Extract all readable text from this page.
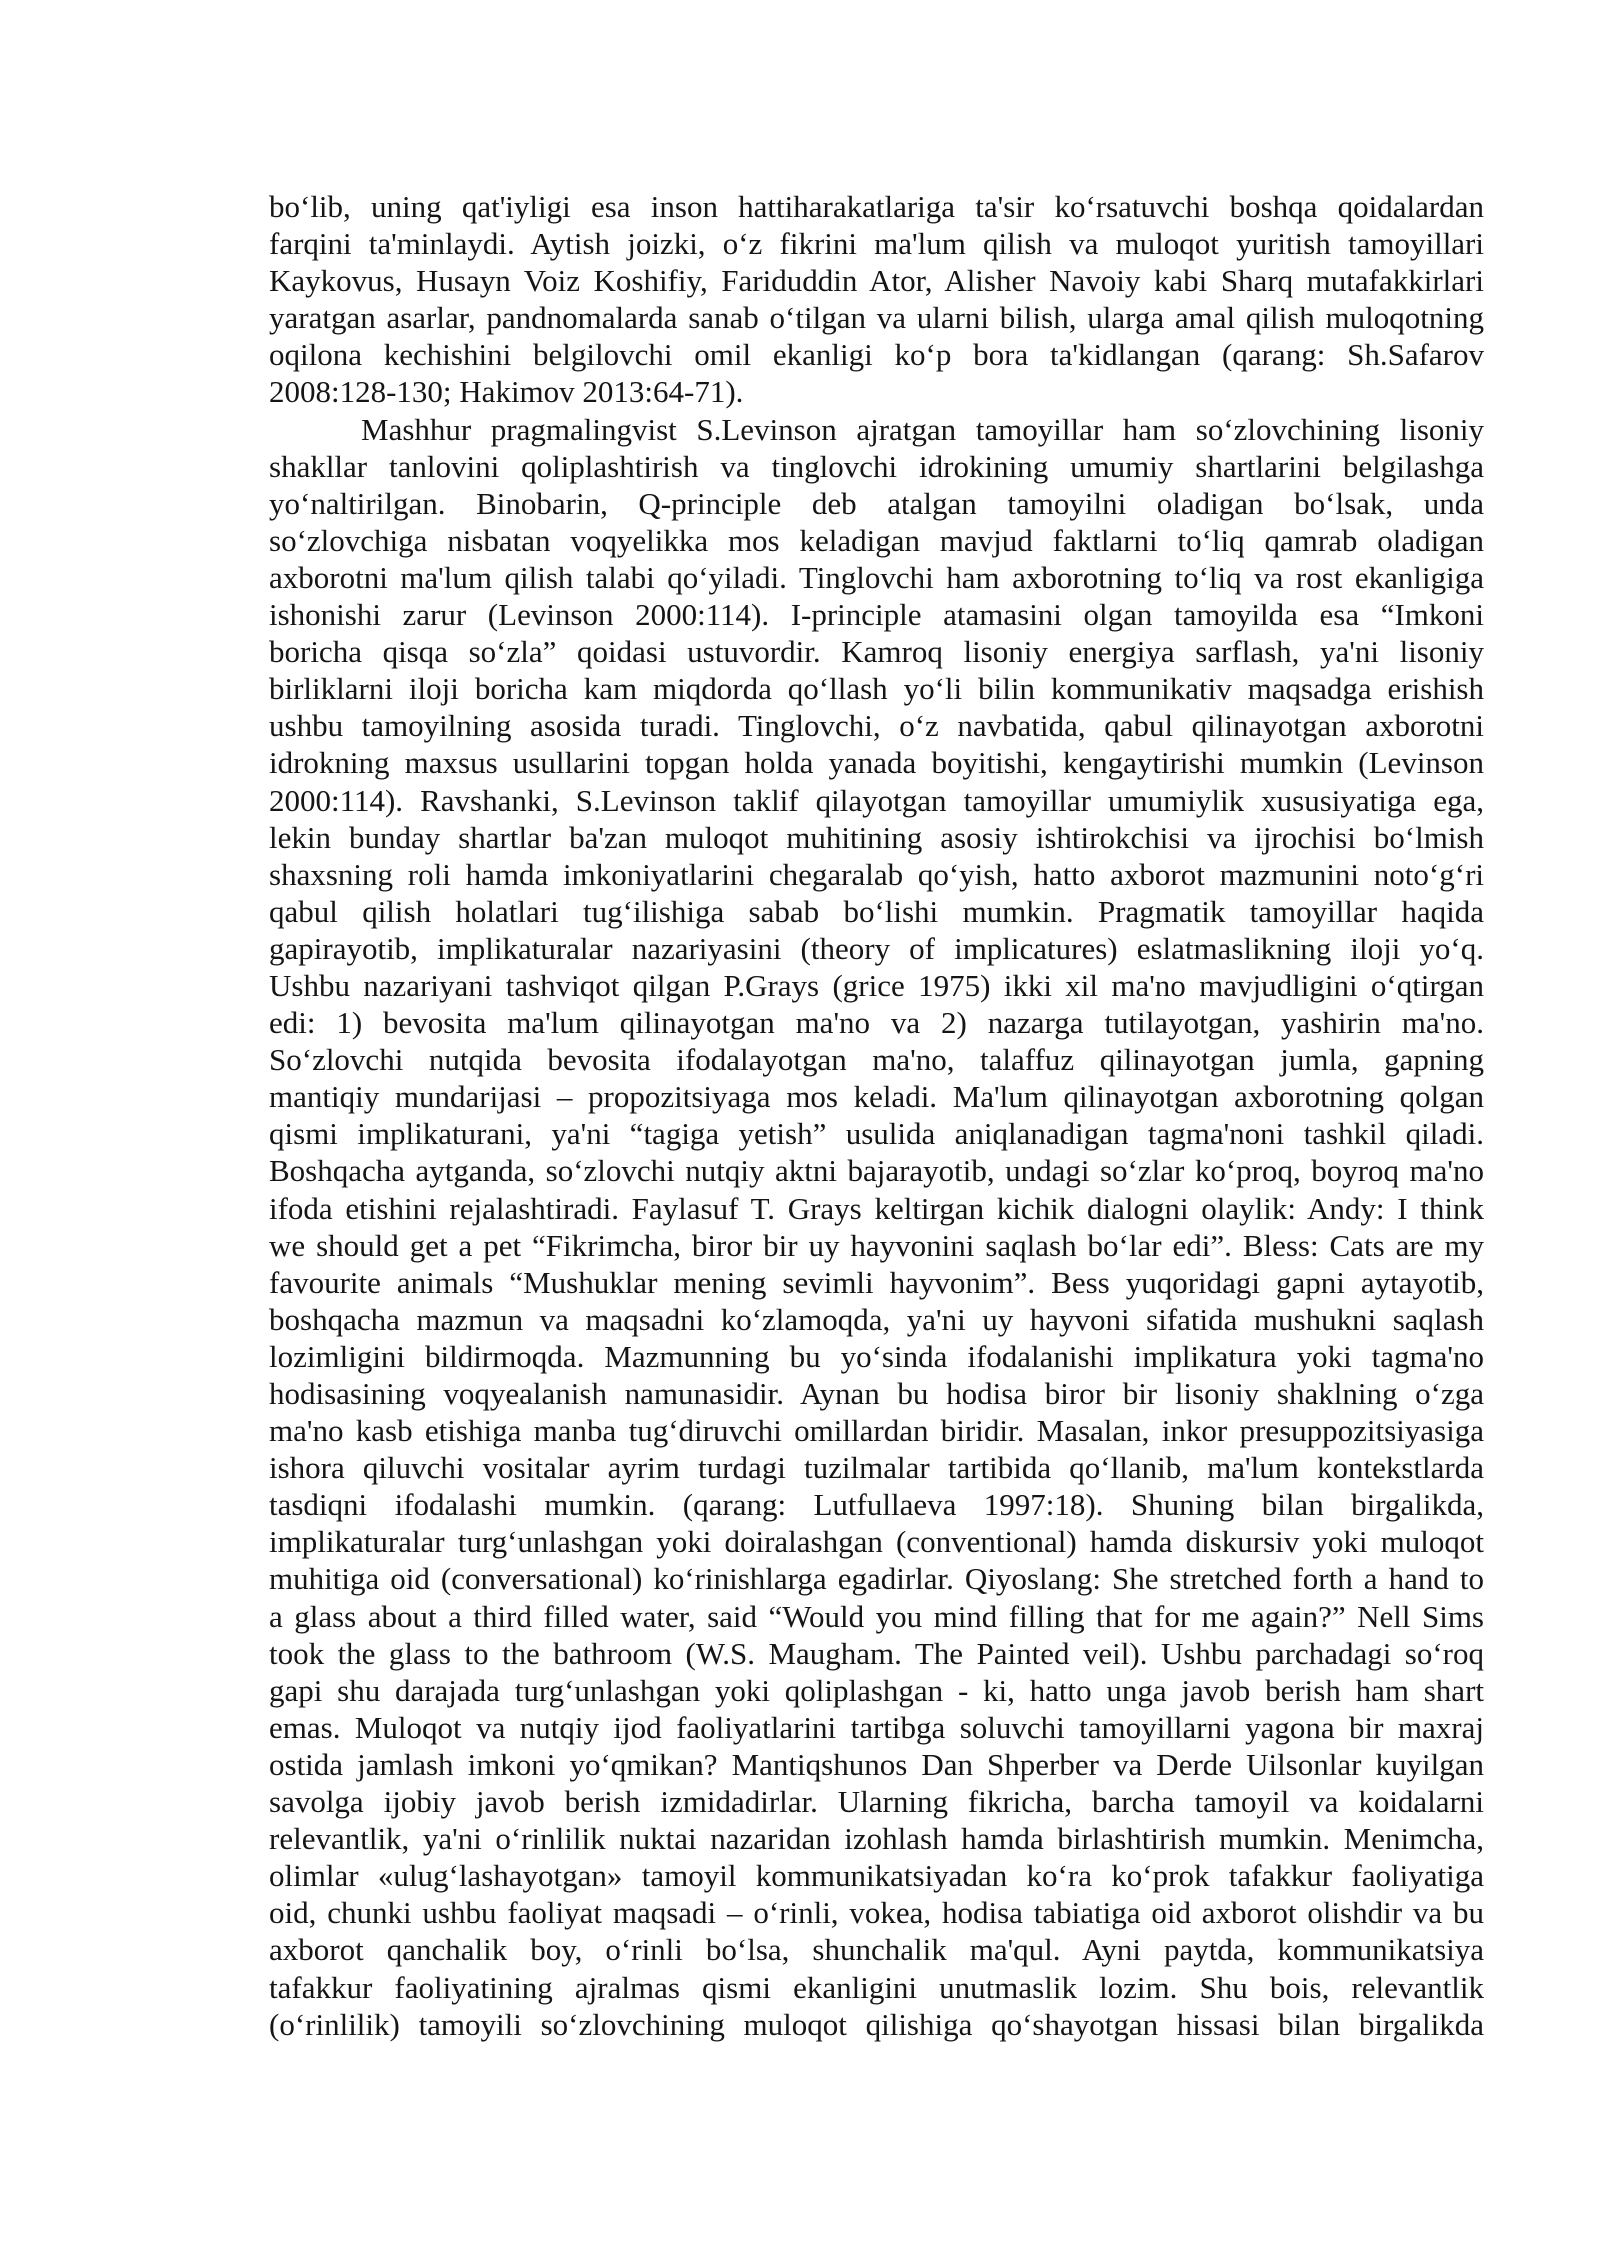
bo‘lib, uning qat'iyligi esa inson hattiharakatlariga ta'sir ko‘rsatuvchi boshqa qoidalardan
farqini ta'minlaydi. Aytish joizki, o‘z fikrini ma'lum qilish va muloqot yuritish tamoyillari
Kaykovus, Husayn Voiz Koshifiy, Fariduddin Ator, Alisher Navoiy kabi Sharq mutafakkirlari
yaratgan asarlar, pandnomalarda sanab o‘tilgan va ularni bilish, ularga amal qilish muloqotning
oqilona kechishini belgilovchi omil ekanligi ko‘p bora ta'kidlangan (qarang: Sh.Safarov
2008:128-130; Hakimov 2013:64-71).
Mashhur pragmalingvist S.Levinson ajratgan tamoyillar ham so‘zlovchining lisoniy
shakllar tanlovini qoliplashtirish va tinglovchi idrokining umumiy shartlarini belgilashga
yo‘naltirilgan. Binobarin, Q-principle deb atalgan tamoyilni oladigan bo‘lsak, unda
so‘zlovchiga nisbatan voqyelikka mos keladigan mavjud faktlarni to‘liq qamrab oladigan
axborotni ma'lum qilish talabi qo‘yiladi. Tinglovchi ham axborotning to‘liq va rost ekanligiga
ishonishi zarur (Levinson 2000:114). I-principle atamasini olgan tamoyilda esa “Imkoni
boricha qisqa so‘zla” qoidasi ustuvordir. Kamroq lisoniy energiya sarflash, ya'ni lisoniy
birliklarni iloji boricha kam miqdorda qo‘llash yo‘li bilin kommunikativ maqsadga erishish
ushbu tamoyilning asosida turadi. Tinglovchi, o‘z navbatida, qabul qilinayotgan axborotni
idrokning maxsus usullarini topgan holda yanada boyitishi, kengaytirishi mumkin (Levinson
2000:114). Ravshanki, S.Levinson taklif qilayotgan tamoyillar umumiylik xususiyatiga ega,
lekin bunday shartlar ba'zan muloqot muhitining asosiy ishtirokchisi va ijrochisi bo‘lmish
shaxsning roli hamda imkoniyatlarini chegaralab qo‘yish, hatto axborot mazmunini noto‘g‘ri
qabul qilish holatlari tug‘ilishiga sabab bo‘lishi mumkin. Pragmatik tamoyillar haqida
gapirayotib, implikaturalar nazariyasini (theory of implicatures) eslatmaslikning iloji yo‘q.
Ushbu nazariyani tashviqot qilgan P.Grays (grice 1975) ikki xil ma'no mavjudligini o‘qtirgan
edi: 1) bevosita ma'lum qilinayotgan ma'no va 2) nazarga tutilayotgan, yashirin ma'no.
So‘zlovchi nutqida bevosita ifodalayotgan ma'no, talaffuz qilinayotgan jumla, gapning
mantiqiy mundarijasi – propozitsiyaga mos keladi. Ma'lum qilinayotgan axborotning qolgan
qismi implikaturani, ya'ni “tagiga yetish” usulida aniqlanadigan tagma'noni tashkil qiladi.
Boshqacha aytganda, so‘zlovchi nutqiy aktni bajarayotib, undagi so‘zlar ko‘proq, boyroq ma'no
ifoda etishini rejalashtiradi. Faylasuf T. Grays keltirgan kichik dialogni olaylik: Andy: I think
we should get a pet “Fikrimcha, biror bir uy hayvonini saqlash bo‘lar edi”. Bless: Cats are my
favourite animals “Mushuklar mening sevimli hayvonim”. Bess yuqoridagi gapni aytayotib,
boshqacha mazmun va maqsadni ko‘zlamoqda, ya'ni uy hayvoni sifatida mushukni saqlash
lozimligini bildirmoqda. Mazmunning bu yo‘sinda ifodalanishi implikatura yoki tagma'no
hodisasining voqyealanish namunasidir. Aynan bu hodisa biror bir lisoniy shaklning o‘zga
ma'no kasb etishiga manba tug‘diruvchi omillardan biridir. Masalan, inkor presuppozitsiyasiga
ishora qiluvchi vositalar ayrim turdagi tuzilmalar tartibida qo‘llanib, ma'lum kontekstlarda
tasdiqni ifodalashi mumkin. (qarang: Lutfullaeva 1997:18). Shuning bilan birgalikda,
implikaturalar turg‘unlashgan yoki doiralashgan (conventional) hamda diskursiv yoki muloqot
muhitiga oid (conversational) ko‘rinishlarga egadirlar. Qiyoslang: She stretched forth a hand to
a glass about a third filled water, said “Would you mind filling that for me again?” Nell Sims
took the glass to the bathroom (W.S. Maugham. The Painted veil). Ushbu parchadagi so‘roq
gapi shu darajada turg‘unlashgan yoki qoliplashgan - ki, hatto unga javob berish ham shart
emas. Muloqot va nutqiy ijod faoliyatlarini tartibga soluvchi tamoyillarni yagona bir maxraj
ostida jamlash imkoni yo‘qmikan? Mantiqshunos Dan Shperber va Derde Uilsonlar kuyilgan
savolga ijobiy javob berish izmidadirlar. Ularning fikricha, barcha tamoyil va koidalarni
relevantlik, ya'ni o‘rinlilik nuktai nazaridan izohlash hamda birlashtirish mumkin. Menimcha,
olimlar «ulug‘lashayotgan» tamoyil kommunikatsiyadan ko‘ra ko‘prok tafakkur faoliyatiga
oid, chunki ushbu faoliyat maqsadi – o‘rinli, vokea, hodisa tabiatiga oid axborot olishdir va bu
axborot qanchalik boy, o‘rinli bo‘lsa, shunchalik ma'qul. Ayni paytda, kommunikatsiya
tafakkur faoliyatining ajralmas qismi ekanligini unutmaslik lozim. Shu bois, relevantlik
(o‘rinlilik) tamoyili so‘zlovchining muloqot qilishiga qo‘shayotgan hissasi bilan birgalikda
